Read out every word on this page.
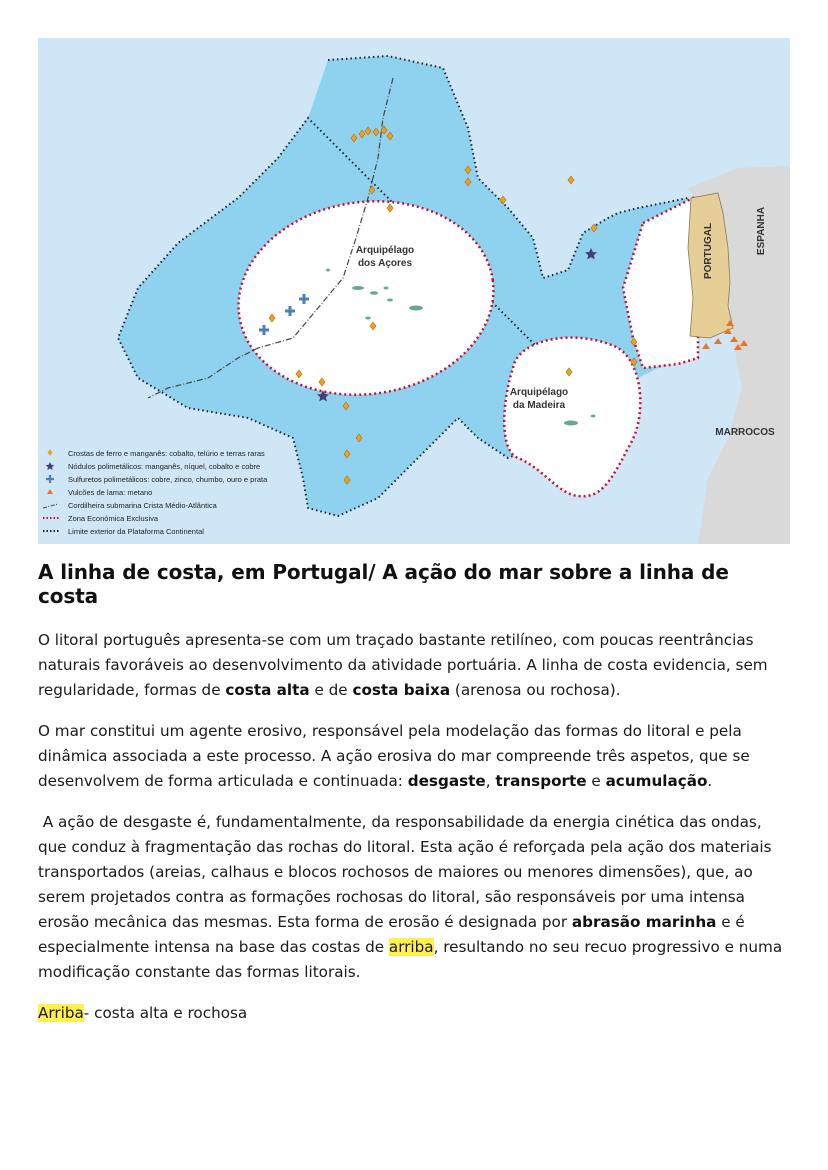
Arquipélago
dos Açores
Arquipélago
da Madeira
PORTUGAL	ESPANHA
MARROCOS
Crostas de ferro e manganês: cobalto, telúrio e terras raras
Nódulos polimetálicos: manganês, níquel, cobalto e cobre
Sulfuretos polimetálicos: cobre, zinco, chumbo, ouro e prata
Vulcões de lama: metano
Cordilheira submarina Crista Médio-Atlântica
Zona Económica Exclusiva
Limite exterior da Plataforma Continental
A linha de costa, em Portugal/ A ação do mar sobre a linha de costa

O litoral português apresenta-se com um traçado bastante retilíneo, com poucas reentrâncias naturais favoráveis ao desenvolvimento da atividade portuária. A linha de costa evidencia, sem regularidade, formas de costa alta e de costa baixa (arenosa ou rochosa).

O mar constitui um agente erosivo, responsável pela modelação das formas do litoral e pela dinâmica associada a este processo. A ação erosiva do mar compreende três aspetos, que se desenvolvem de forma articulada e continuada: desgaste, transporte e acumulação.

A ação de desgaste é, fundamentalmente, da responsabilidade da energia cinética das ondas, que conduz à fragmentação das rochas do litoral. Esta ação é reforçada pela ação dos materiais transportados (areias, calhaus e blocos rochosos de maiores ou menores dimensões), que, ao serem projetados contra as formações rochosas do litoral, são responsáveis por uma intensa erosão mecânica das mesmas. Esta forma de erosão é designada por abrasão marinha e é especialmente intensa na base das costas de arriba, resultando no seu recuo progressivo e numa modificação constante das formas litorais.

Arriba- costa alta e rochosa
